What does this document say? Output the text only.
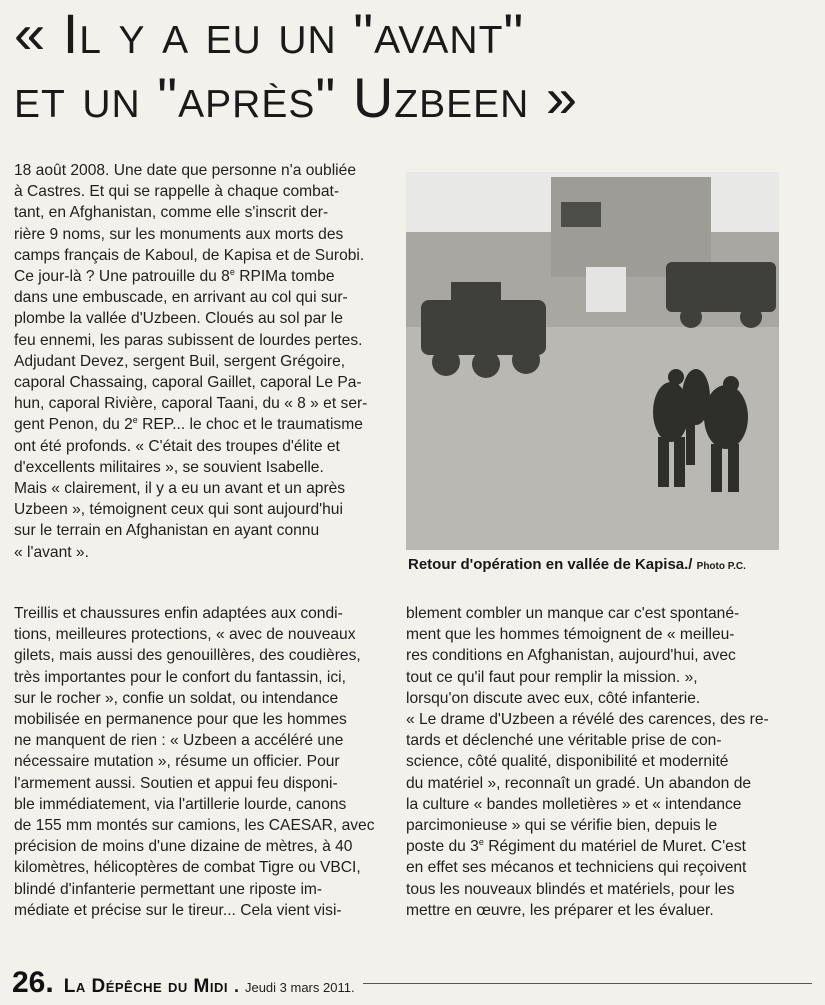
« Il y a eu un "avant"
et un "après" Uzbeen »

18 août 2008. Une date que personne n'a oubliée

à Castres. Et qui se rappelle à chaque combat-

tant, en Afghanistan, comme elle s'inscrit der-

rière 9 noms, sur les monuments aux morts des

camps français de Kaboul, de Kapisa et de Surobi.

Ce jour-là ? Une patrouille du 8e RPIMa tombe

dans une embuscade, en arrivant au col qui sur-

plombe la vallée d'Uzbeen. Cloués au sol par le

feu ennemi, les paras subissent de lourdes pertes.

Adjudant Devez, sergent Buil, sergent Grégoire,

caporal Chassaing, caporal Gaillet, caporal Le Pa-

hun, caporal Rivière, caporal Taani, du « 8 » et ser-

gent Penon, du 2e REP... le choc et le traumatisme

ont été profonds. « C'était des troupes d'élite et

d'excellents militaires », se souvient Isabelle.

Mais « clairement, il y a eu un avant et un après

Uzbeen », témoignent ceux qui sont aujourd'hui

sur le terrain en Afghanistan en ayant connu

« l'avant ».

Retour d'opération en vallée de Kapisa./ Photo P.C.

Treillis et chaussures enfin adaptées aux condi-

tions, meilleures protections, « avec de nouveaux

gilets, mais aussi des genouillères, des coudières,

très importantes pour le confort du fantassin, ici,

sur le rocher », confie un soldat, ou intendance

mobilisée en permanence pour que les hommes

ne manquent de rien : « Uzbeen a accéléré une

nécessaire mutation », résume un officier. Pour

l'armement aussi. Soutien et appui feu disponi-

ble immédiatement, via l'artillerie lourde, canons

de 155 mm montés sur camions, les CAESAR, avec

précision de moins d'une dizaine de mètres, à 40

kilomètres, hélicoptères de combat Tigre ou VBCI,

blindé d'infanterie permettant une riposte im-

médiate et précise sur le tireur... Cela vient visi-

blement combler un manque car c'est spontané-

ment que les hommes témoignent de « meilleu-

res conditions en Afghanistan, aujourd'hui, avec

tout ce qu'il faut pour remplir la mission. »,

lorsqu'on discute avec eux, côté infanterie.

« Le drame d'Uzbeen a révélé des carences, des re-

tards et déclenché une véritable prise de con-

science, côté qualité, disponibilité et modernité

du matériel », reconnaît un gradé. Un abandon de

la culture « bandes molletières » et « intendance

parcimonieuse » qui se vérifie bien, depuis le

poste du 3e Régiment du matériel de Muret. C'est

en effet ses mécanos et techniciens qui reçoivent

tous les nouveaux blindés et matériels, pour les

mettre en œuvre, les préparer et les évaluer.

26. La Dépêche du Midi . Jeudi 3 mars 2011.
